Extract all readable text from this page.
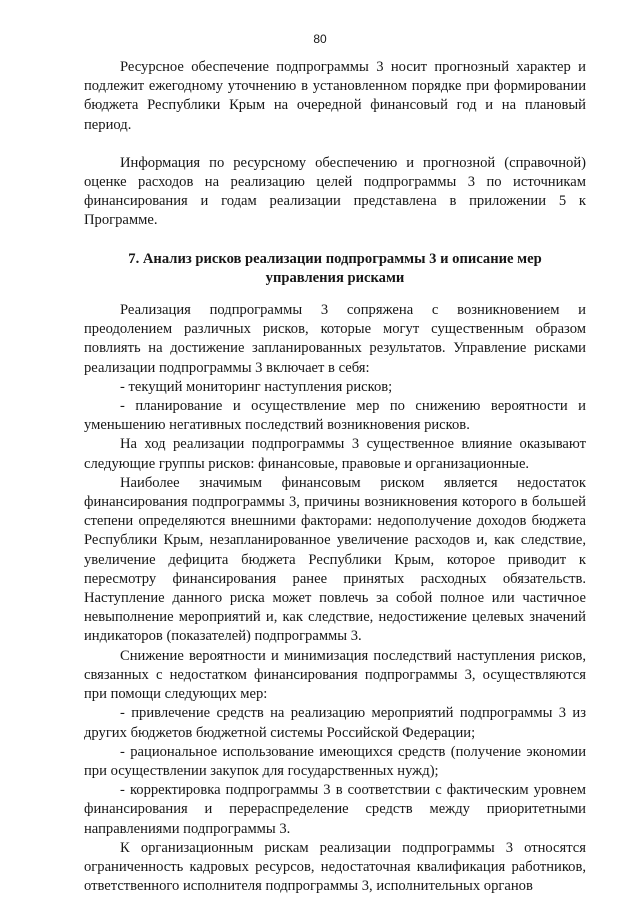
80

Ресурсное обеспечение подпрограммы 3 носит прогнозный характер и подлежит ежегодному уточнению в установленном порядке при формировании бюджета Республики Крым на очередной финансовый год и на плановый период.

Информация по ресурсному обеспечению и прогнозной (справочной) оценке расходов на реализацию целей подпрограммы 3 по источникам финансирования и годам реализации представлена в приложении 5 к Программе.

7. Анализ рисков реализации подпрограммы 3 и описание мер управления рисками

Реализация подпрограммы 3 сопряжена с возникновением и преодолением различных рисков, которые могут существенным образом повлиять на достижение запланированных результатов. Управление рисками реализации подпрограммы 3 включает в себя:

- текущий мониторинг наступления рисков;

- планирование и осуществление мер по снижению вероятности и уменьшению негативных последствий возникновения рисков.

На ход реализации подпрограммы 3 существенное влияние оказывают следующие группы рисков: финансовые, правовые и организационные.

Наиболее значимым финансовым риском является недостаток финансирования подпрограммы 3, причины возникновения которого в большей степени определяются внешними факторами: недополучение доходов бюджета Республики Крым, незапланированное увеличение расходов и, как следствие, увеличение дефицита бюджета Республики Крым, которое приводит к пересмотру финансирования ранее принятых расходных обязательств. Наступление данного риска может повлечь за собой полное или частичное невыполнение мероприятий и, как следствие, недостижение целевых значений индикаторов (показателей) подпрограммы 3.

Снижение вероятности и минимизация последствий наступления рисков, связанных с недостатком финансирования подпрограммы 3, осуществляются при помощи следующих мер:

- привлечение средств на реализацию мероприятий подпрограммы 3 из других бюджетов бюджетной системы Российской Федерации;

- рациональное использование имеющихся средств (получение экономии при осуществлении закупок для государственных нужд);

- корректировка подпрограммы 3 в соответствии с фактическим уровнем финансирования и перераспределение средств между приоритетными направлениями подпрограммы 3.

К организационным рискам реализации подпрограммы 3 относятся ограниченность кадровых ресурсов, недостаточная квалификация работников, ответственного исполнителя подпрограммы 3, исполнительных органов
